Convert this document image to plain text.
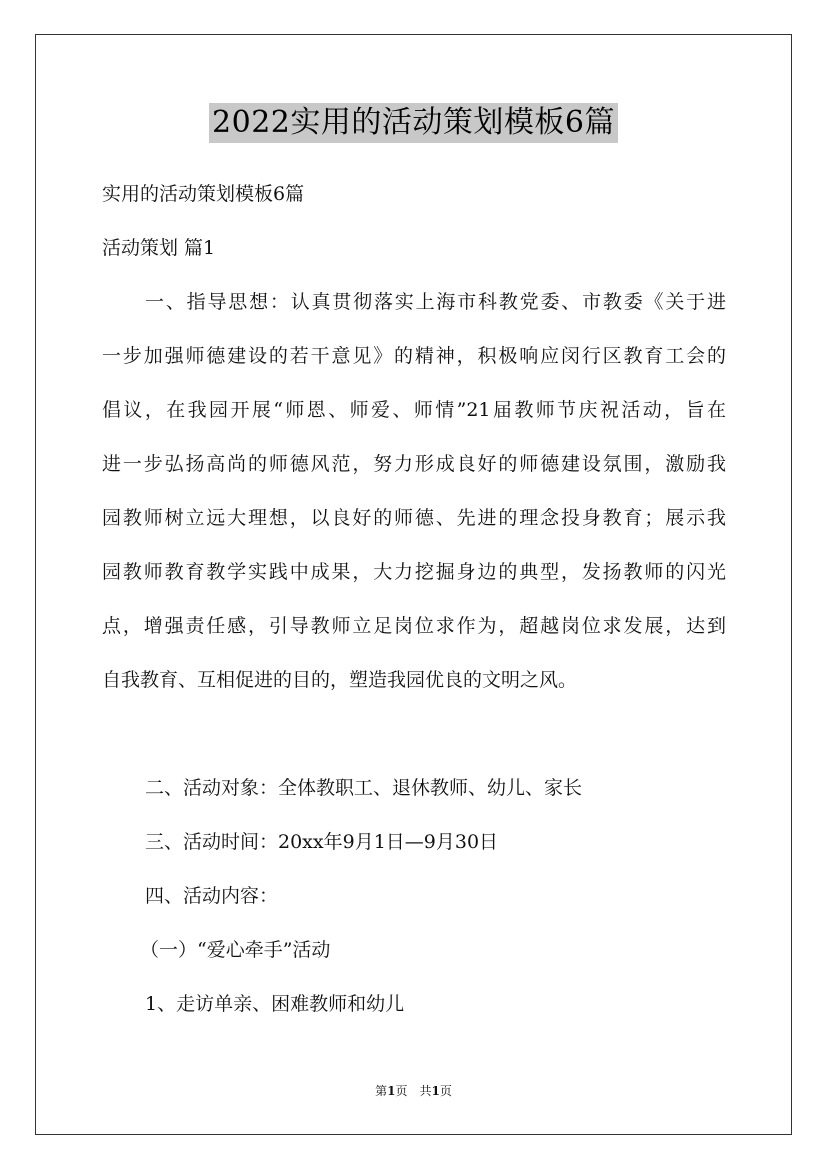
2022实用的活动策划模板6篇
实用的活动策划模板6篇
活动策划 篇1
一、指导思想：认真贯彻落实上海市科教党委、市教委《关于进
一步加强师德建设的若干意见》的精神，积极响应闵行区教育工会的
倡议，在我园开展“师恩、师爱、师情”21届教师节庆祝活动，旨在
进一步弘扬高尚的师德风范，努力形成良好的师德建设氛围，激励我
园教师树立远大理想，以良好的师德、先进的理念投身教育；展示我
园教师教育教学实践中成果，大力挖掘身边的典型，发扬教师的闪光
点，增强责任感，引导教师立足岗位求作为，超越岗位求发展，达到
自我教育、互相促进的目的，塑造我园优良的文明之风。
二、活动对象：全体教职工、退休教师、幼儿、家长
三、活动时间：20xx年9月1日—9月30日
四、活动内容：
（一）“爱心牵手”活动
1、走访单亲、困难教师和幼儿
第1页　共1页
